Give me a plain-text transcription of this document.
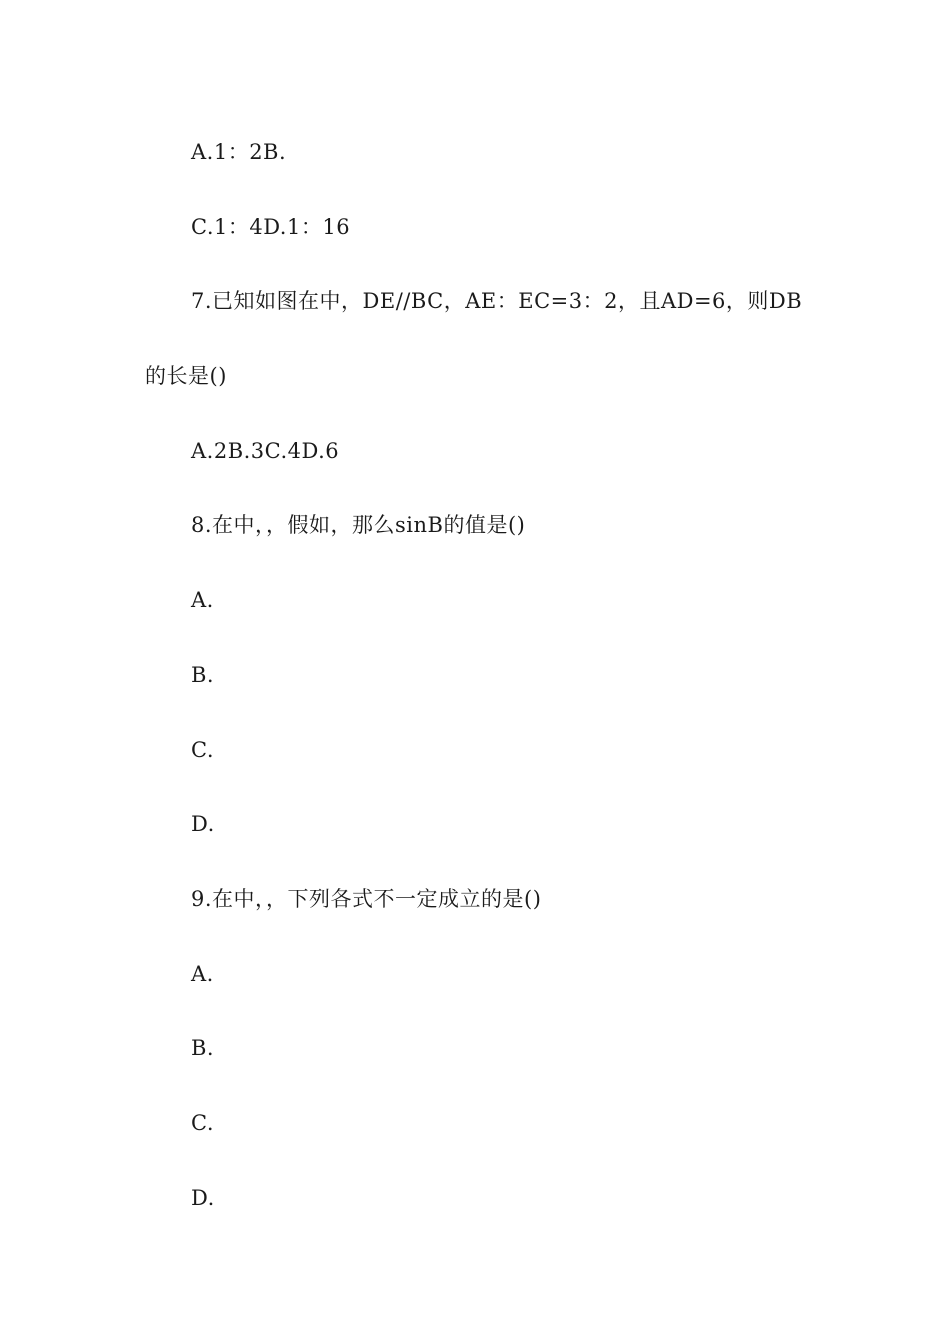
A.1：2B.
C.1：4D.1：16
7.已知如图在中，DE//BC，AE：EC=3：2，且AD=6，则DB
的长是()
A.2B.3C.4D.6
8.在中，，假如，那么sinB的值是()
A.
B.
C.
D.
9.在中，，下列各式不一定成立的是()
A.
B.
C.
D.
